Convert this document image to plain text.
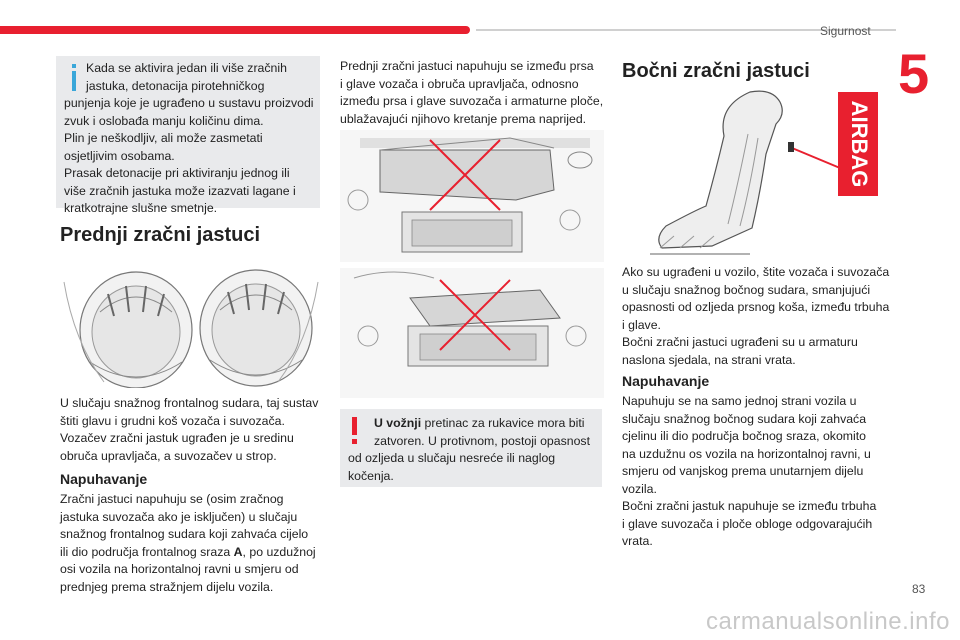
Sigurnost
5

Kada se aktivira jedan ili više zračnih

jastuka, detonacija pirotehničkog

punjenja koje je ugrađeno u sustavu proizvodi

zvuk i oslobađa manju količinu dima.

Plin je neškodljiv, ali može zasmetati

osjetljivim osobama.

Prasak detonacije pri aktiviranju jednog ili

više zračnih jastuka može izazvati lagane i

kratkotrajne slušne smetnje.

Prednji zračni jastuci

U slučaju snažnog frontalnog sudara, taj sustav

štiti glavu i grudni koš vozača i suvozača.

Vozačev zračni jastuk ugrađen je u sredinu

obruča upravljača, a suvozačev u strop.

Napuhavanje

Zračni jastuci napuhuju se (osim zračnog

jastuka suvozača ako je isključen) u slučaju

snažnog frontalnog sudara koji zahvaća cijelo

ili dio područja frontalnog sraza A, po uzdužnoj

osi vozila na horizontalnoj ravni u smjeru od

prednjeg prema stražnjem dijelu vozila.

Prednji zračni jastuci napuhuju se između prsa

i glave vozača i obruča upravljača, odnosno

između prsa i glave suvozača i armaturne ploče,

ublažavajući njihovo kretanje prema naprijed.

U vožnji pretinac za rukavice mora biti

zatvoren. U protivnom, postoji opasnost

od ozljeda u slučaju nesreće ili naglog

kočenja.

Bočni zračni jastuci
AIRBAG

Ako su ugrađeni u vozilo, štite vozača i suvozača

u slučaju snažnog bočnog sudara, smanjujući

opasnosti od ozljeda prsnog koša, između trbuha

i glave.

Bočni zračni jastuci ugrađeni su u armaturu

naslona sjedala, na strani vrata.

Napuhavanje

Napuhuju se na samo jednoj strani vozila u

slučaju snažnog bočnog sudara koji zahvaća

cjelinu ili dio područja bočnog sraza, okomito

na uzdužnu os vozila na horizontalnoj ravni, u

smjeru od vanjskog prema unutarnjem dijelu

vozila.

Bočni zračni jastuk napuhuje se između trbuha

i glave suvozača i ploče obloge odgovarajućih

vrata.

83
carmanualsonline.info
